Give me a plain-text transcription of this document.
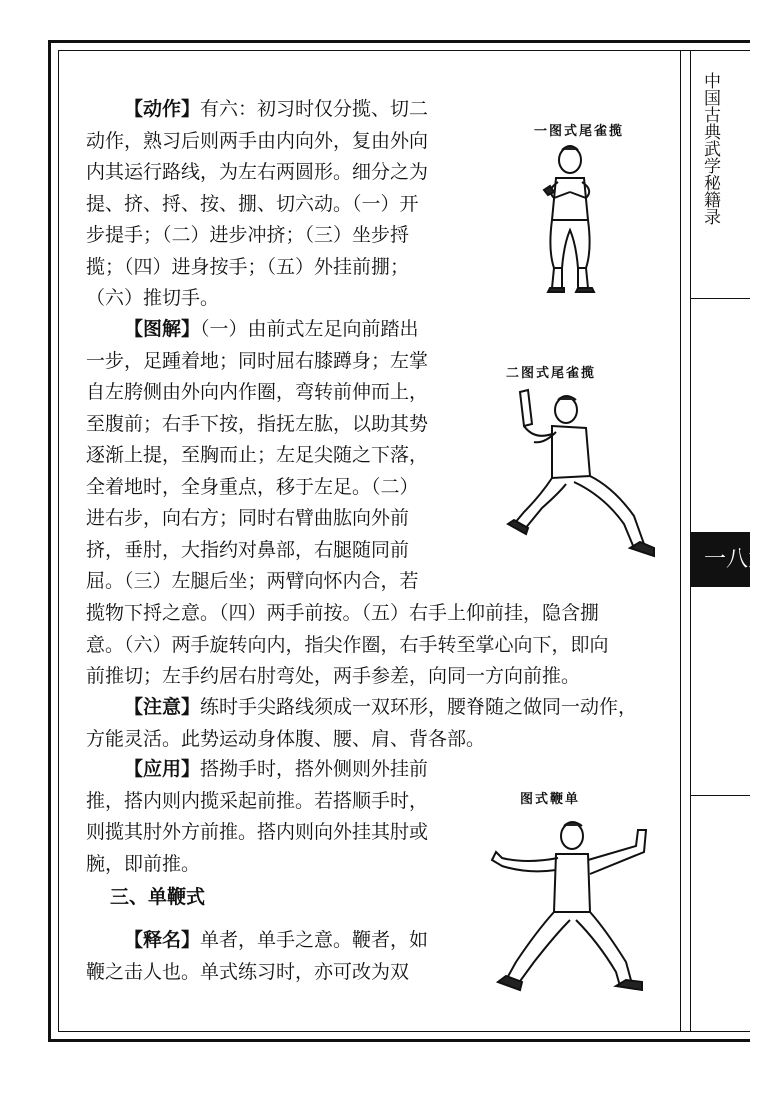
中国古典武学秘籍录
一八六

【动作】有六：初习时仅分揽、切二

动作，熟习后则两手由内向外，复由外向

内其运行路线，为左右两圆形。细分之为

提、挤、捋、按、掤、切六动。（一）开

步提手；（二）进步冲挤；（三）坐步捋

揽；（四）进身按手；（五）外挂前掤；

（六）推切手。

【图解】（一）由前式左足向前踏出

一步，足踵着地；同时屈右膝蹲身；左掌

自左胯侧由外向内作圈，弯转前伸而上，

至腹前；右手下按，指抚左肱，以助其势

逐渐上提，至胸而止；左足尖随之下落，

全着地时，全身重点，移于左足。（二）

进右步，向右方；同时右臂曲肱向外前

挤，垂肘，大指约对鼻部，右腿随同前

屈。（三）左腿后坐；两臂向怀内合，若

揽物下捋之意。（四）两手前按。（五）右手上仰前挂，隐含掤

意。（六）两手旋转向内，指尖作圈，右手转至掌心向下，即向

前推切；左手约居右肘弯处，两手参差，向同一方向前推。

【注意】练时手尖路线须成一双环形，腰脊随之做同一动作，

方能灵活。此势运动身体腹、腰、肩、背各部。

【应用】搭拗手时，搭外侧则外挂前

推，搭内则内揽采起前推。若搭顺手时，

则揽其肘外方前推。搭内则向外挂其肘或

腕，即前推。

三、单鞭式

【释名】单者，单手之意。鞭者，如

鞭之击人也。单式练习时，亦可改为双

一图式尾雀揽
二图式尾雀揽
图式鞭单
